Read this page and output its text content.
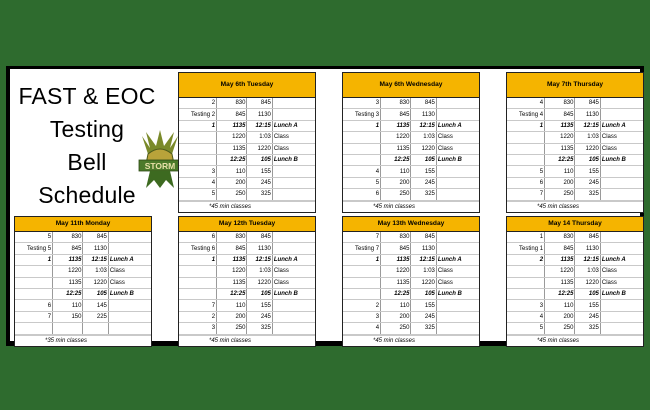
FAST & EOC
Testing
Bell
Schedule
STORM
May 6th Tuesday
2	830	845	
Testing 2	845	1130	
1	1135	12:15	Lunch A
	1220	1:03	Class
	1135	1220	Class
	12:25	105	Lunch B
3	110	155	
4	200	245	
5	250	325	
*45 min classes
May 6th Wednesday
3	830	845	
Testing 3	845	1130	
1	1135	12:15	Lunch A
	1220	1:03	Class
	1135	1220	Class
	12:25	105	Lunch B
4	110	155	
5	200	245	
6	250	325	
*45 min classes
May 7th Thursday
4	830	845	
Testing 4	845	1130	
1	1135	12:15	Lunch A
	1220	1:03	Class
	1135	1220	Class
	12:25	105	Lunch B
5	110	155	
6	200	245	
7	250	325	
*45 min classes
May 11th Monday
5	830	845	
Testing 5	845	1130	
1	1135	12:15	Lunch A
	1220	1:03	Class
	1135	1220	Class
	12:25	105	Lunch B
6	110	145	
7	150	225	

*35 min classes
May 12th Tuesday
6	830	845	
Testing 6	845	1130	
1	1135	12:15	Lunch A
	1220	1:03	Class
	1135	1220	Class
	12:25	105	Lunch B
7	110	155	
2	200	245	
3	250	325	
*45 min classes
May 13th Wednesday
7	830	845	
Testing 7	845	1130	
1	1135	12:15	Lunch A
	1220	1:03	Class
	1135	1220	Class
	12:25	105	Lunch B
2	110	155	
3	200	245	
4	250	325	
*45 min classes
May 14 Thursday
1	830	845	
Testing 1	845	1130	
2	1135	12:15	Lunch A
	1220	1:03	Class
	1135	1220	Class
	12:25	105	Lunch B
3	110	155	
4	200	245	
5	250	325	
*45 min classes
